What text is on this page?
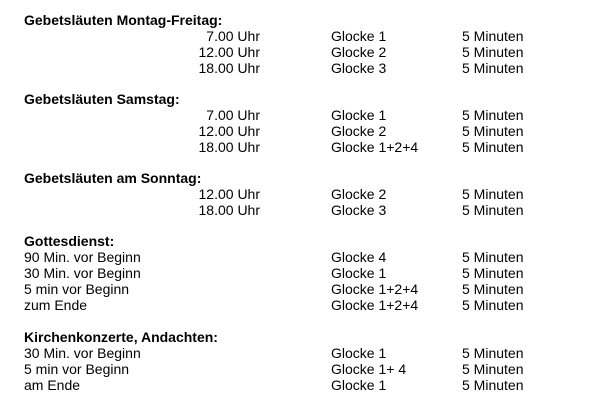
Gebetsläuten Montag-Freitag:
7.00 Uhr	Glocke 1	5 Minuten
12.00 Uhr	Glocke 2	5 Minuten
18.00 Uhr	Glocke 3	5 Minuten
Gebetsläuten Samstag:
7.00 Uhr	Glocke 1	5 Minuten
12.00 Uhr	Glocke 2	5 Minuten
18.00 Uhr	Glocke 1+2+4	5 Minuten
Gebetsläuten am Sonntag:
12.00 Uhr	Glocke 2	5 Minuten
18.00 Uhr	Glocke 3	5 Minuten
Gottesdienst:
90 Min. vor Beginn	Glocke 4	5 Minuten
30 Min. vor Beginn	Glocke 1	5 Minuten
5 min vor Beginn	Glocke 1+2+4	5 Minuten
zum Ende	Glocke 1+2+4	5 Minuten
Kirchenkonzerte, Andachten:
30 Min. vor Beginn	Glocke 1	5 Minuten
5 min vor Beginn	Glocke 1+ 4	5 Minuten
am Ende	Glocke 1	5 Minuten
